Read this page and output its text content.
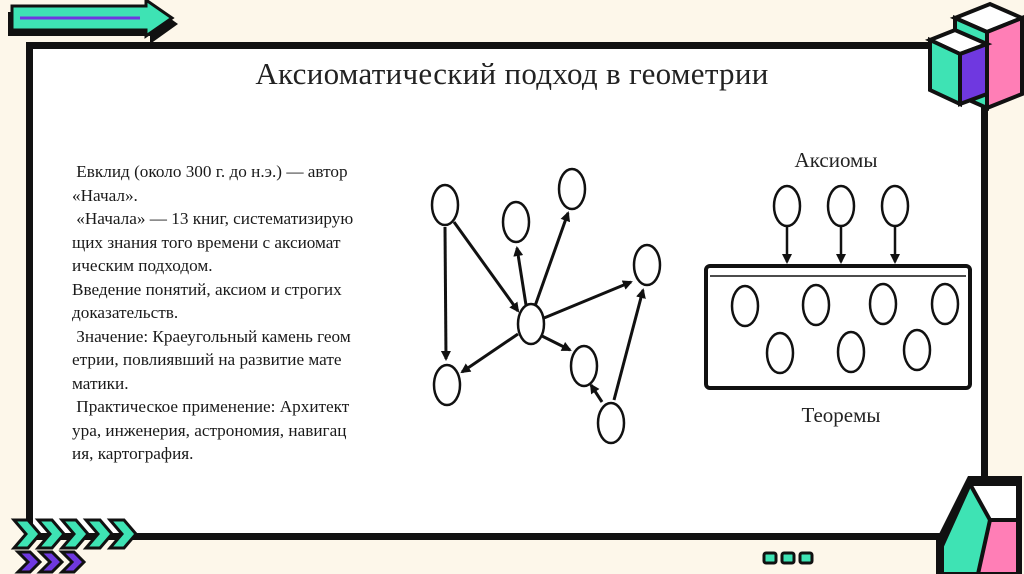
Аксиоматический подход в геометрии
Евклид (около 300 г. до н.э.) — автор
«Начал».
«Начала» — 13 книг, систематизирую
щих знания того времени с аксиомат
ическим подходом.
Введение понятий, аксиом и строгих
доказательств.
Значение: Краеугольный камень геом
етрии, повлиявший на развитие мате
матики.
Практическое применение: Архитект
ура, инженерия, астрономия, навигац
ия, картография.
Аксиомы
Теоремы
